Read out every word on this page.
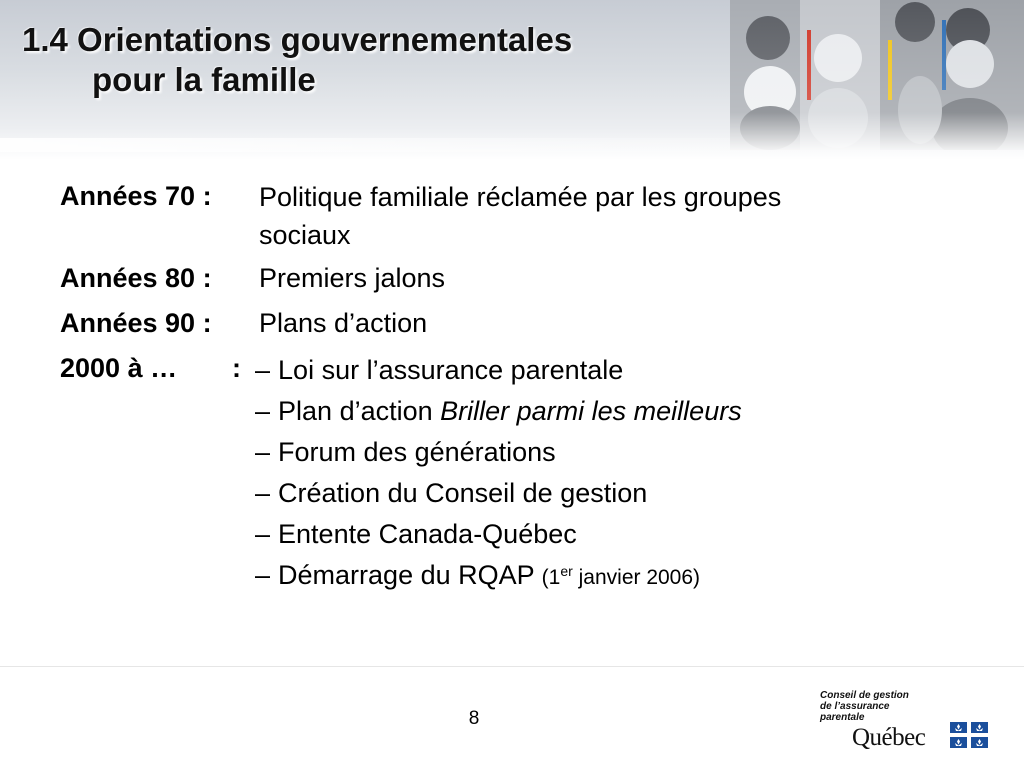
1.4 Orientations gouvernementales
pour la famille
Années 70 : Politique familiale réclamée par les groupes
sociaux
Années 80 : Premiers jalons
Années 90 : Plans d’action
2000 à … : – Loi sur l’assurance parentale
– Plan d’action Briller parmi les meilleurs
– Forum des générations
– Création du Conseil de gestion
– Entente Canada-Québec
– Démarrage du RQAP (1er janvier 2006)
8
Conseil de gestion
de l’assurance
parentale
Québec
